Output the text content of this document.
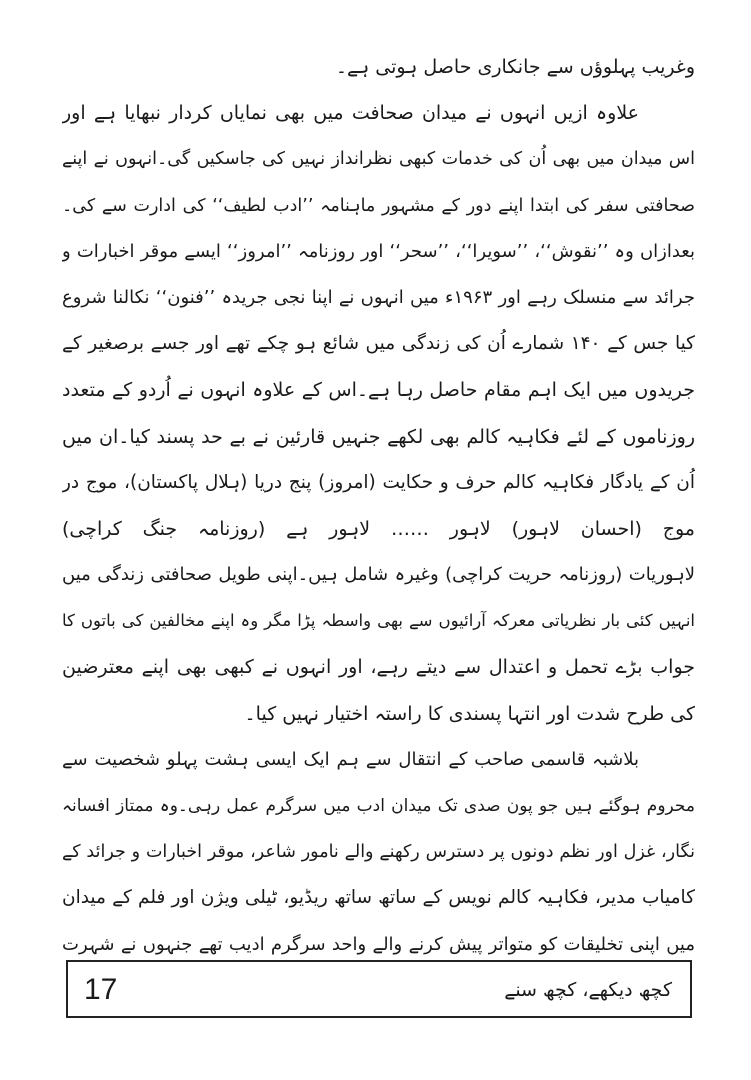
وغریب پہلوؤں سے جانکاری حاصل ہوتی ہے۔
علاوہ ازیں انہوں نے میدان صحافت میں بھی نمایاں کردار نبھایا ہے اور
اس میدان میں بھی اُن کی خدمات کبھی نظرانداز نہیں کی جاسکیں گی۔انہوں نے اپنے
صحافتی سفر کی ابتدا اپنے دور کے مشہور ماہنامہ ’’ادب لطیف‘‘ کی ادارت سے کی۔
بعدازاں وہ ’’نقوش‘‘، ’’سویرا‘‘، ’’سحر‘‘ اور روزنامہ ’’امروز‘‘ ایسے موقر اخبارات و
جرائد سے منسلک رہے اور ۱۹۶۳ء میں انہوں نے اپنا نجی جریدہ ’’فنون‘‘ نکالنا شروع
کیا جس کے ۱۴۰ شمارے اُن کی زندگی میں شائع ہو چکے تھے اور جسے برصغیر کے
جریدوں میں ایک اہم مقام حاصل رہا ہے۔اس کے علاوہ انہوں نے اُردو کے متعدد
روزناموں کے لئے فکاہیہ کالم بھی لکھے جنہیں قارئین نے بے حد پسند کیا۔ان میں
اُن کے یادگار فکاہیہ کالم حرف و حکایت (امروز) پنج دریا (ہلال پاکستان)، موج در
موج (احسان لاہور) لاہور …… لاہور ہے (روزنامہ جنگ کراچی)
لاہوریات (روزنامہ حریت کراچی) وغیرہ شامل ہیں۔اپنی طویل صحافتی زندگی میں
انہیں کئی بار نظریاتی معرکہ آرائیوں سے بھی واسطہ پڑا مگر وہ اپنے مخالفین کی باتوں کا
جواب بڑے تحمل و اعتدال سے دیتے رہے، اور انہوں نے کبھی بھی اپنے معترضین
کی طرح شدت اور انتہا پسندی کا راستہ اختیار نہیں کیا۔
بلاشبہ قاسمی صاحب کے انتقال سے ہم ایک ایسی ہشت پہلو شخصیت سے
محروم ہوگئے ہیں جو پون صدی تک میدان ادب میں سرگرم عمل رہی۔وہ ممتاز افسانہ
نگار، غزل اور نظم دونوں پر دسترس رکھنے والے نامور شاعر، موقر اخبارات و جرائد کے
کامیاب مدیر، فکاہیہ کالم نویس کے ساتھ ساتھ ریڈیو، ٹیلی ویژن اور فلم کے میدان
میں اپنی تخلیقات کو متواتر پیش کرنے والے واحد سرگرم ادیب تھے جنہوں نے شہرت
17	کچھ دیکھے، کچھ سنے
